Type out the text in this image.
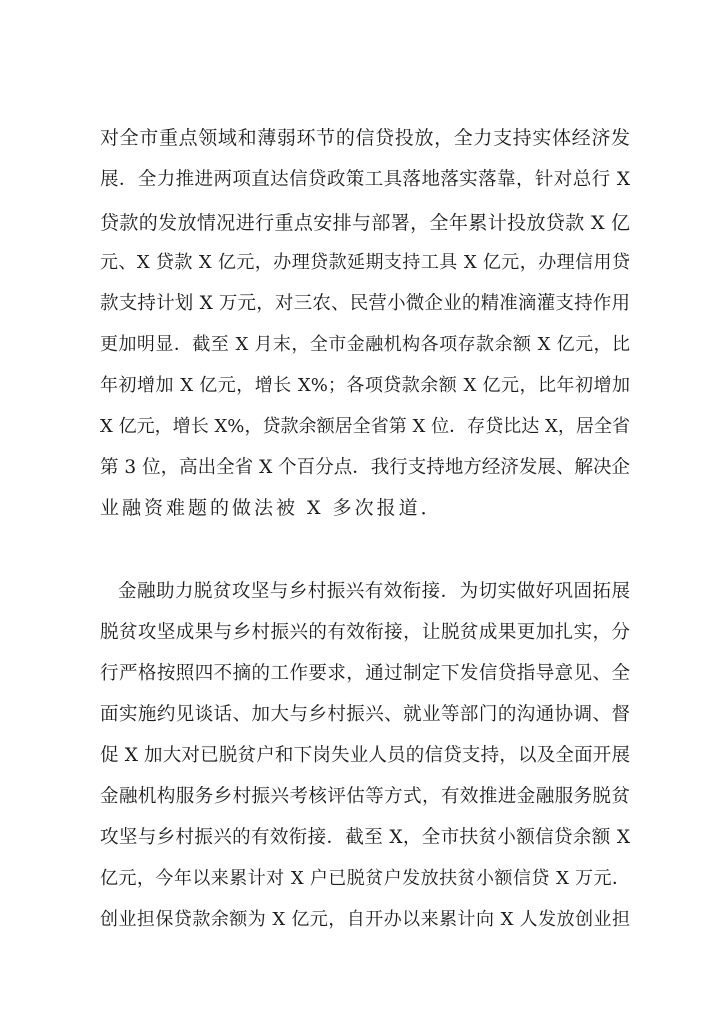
对全市重点领域和薄弱环节的信贷投放，全力支持实体经济发
展．全力推进两项直达信贷政策工具落地落实落靠，针对总行 X
贷款的发放情况进行重点安排与部署，全年累计投放贷款 X 亿
元、X 贷款 X 亿元，办理贷款延期支持工具 X 亿元，办理信用贷
款支持计划 X 万元，对三农、民营小微企业的精准滴灌支持作用
更加明显．截至 X 月末，全市金融机构各项存款余额 X 亿元，比
年初增加 X 亿元，增长 X%；各项贷款余额 X 亿元，比年初增加
X 亿元，增长 X%，贷款余额居全省第 X 位．存贷比达 X，居全省
第 3 位，高出全省 X 个百分点．我行支持地方经济发展、解决企
业融资难题的做法被 X 多次报道．
金融助力脱贫攻坚与乡村振兴有效衔接．为切实做好巩固拓展
脱贫攻坚成果与乡村振兴的有效衔接，让脱贫成果更加扎实，分
行严格按照四不摘的工作要求，通过制定下发信贷指导意见、全
面实施约见谈话、加大与乡村振兴、就业等部门的沟通协调、督
促 X 加大对已脱贫户和下岗失业人员的信贷支持，以及全面开展
金融机构服务乡村振兴考核评估等方式，有效推进金融服务脱贫
攻坚与乡村振兴的有效衔接．截至 X，全市扶贫小额信贷余额 X
亿元，今年以来累计对 X 户已脱贫户发放扶贫小额信贷 X 万元．
创业担保贷款余额为 X 亿元，自开办以来累计向 X 人发放创业担
